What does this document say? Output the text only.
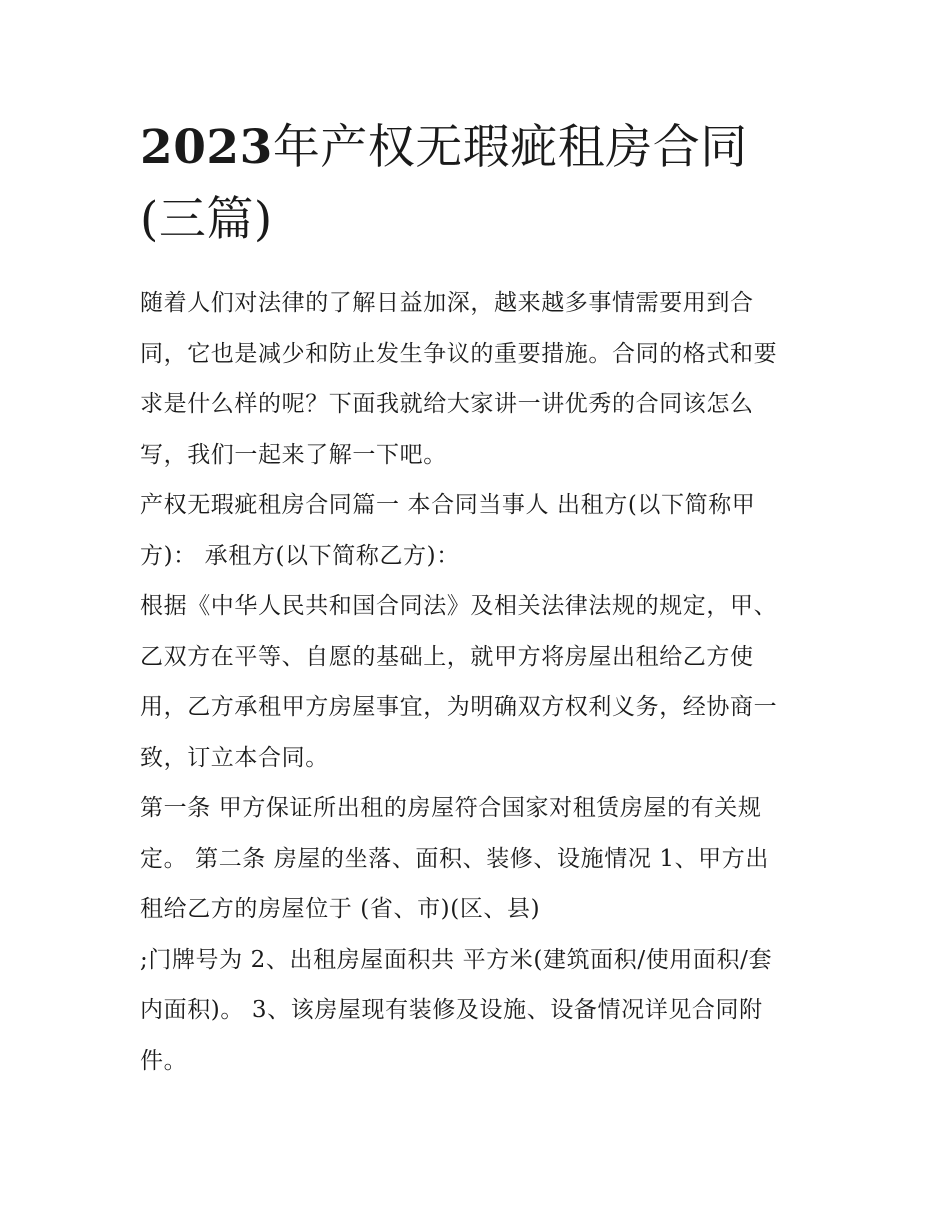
2023年产权无瑕疵租房合同
(三篇)
随着人们对法律的了解日益加深，越来越多事情需要用到合
同，它也是减少和防止发生争议的重要措施。合同的格式和要
求是什么样的呢？下面我就给大家讲一讲优秀的合同该怎么
写，我们一起来了解一下吧。
产权无瑕疵租房合同篇一 本合同当事人 出租方(以下简称甲
方)： 承租方(以下简称乙方)：
根据《中华人民共和国合同法》及相关法律法规的规定，甲、
乙双方在平等、自愿的基础上，就甲方将房屋出租给乙方使
用，乙方承租甲方房屋事宜，为明确双方权利义务，经协商一
致，订立本合同。
第一条 甲方保证所出租的房屋符合国家对租赁房屋的有关规
定。 第二条 房屋的坐落、面积、装修、设施情况 1、甲方出
租给乙方的房屋位于 (省、市)(区、县)
;门牌号为 2、出租房屋面积共 平方米(建筑面积/使用面积/套
内面积)。 3、该房屋现有装修及设施、设备情况详见合同附
件。
